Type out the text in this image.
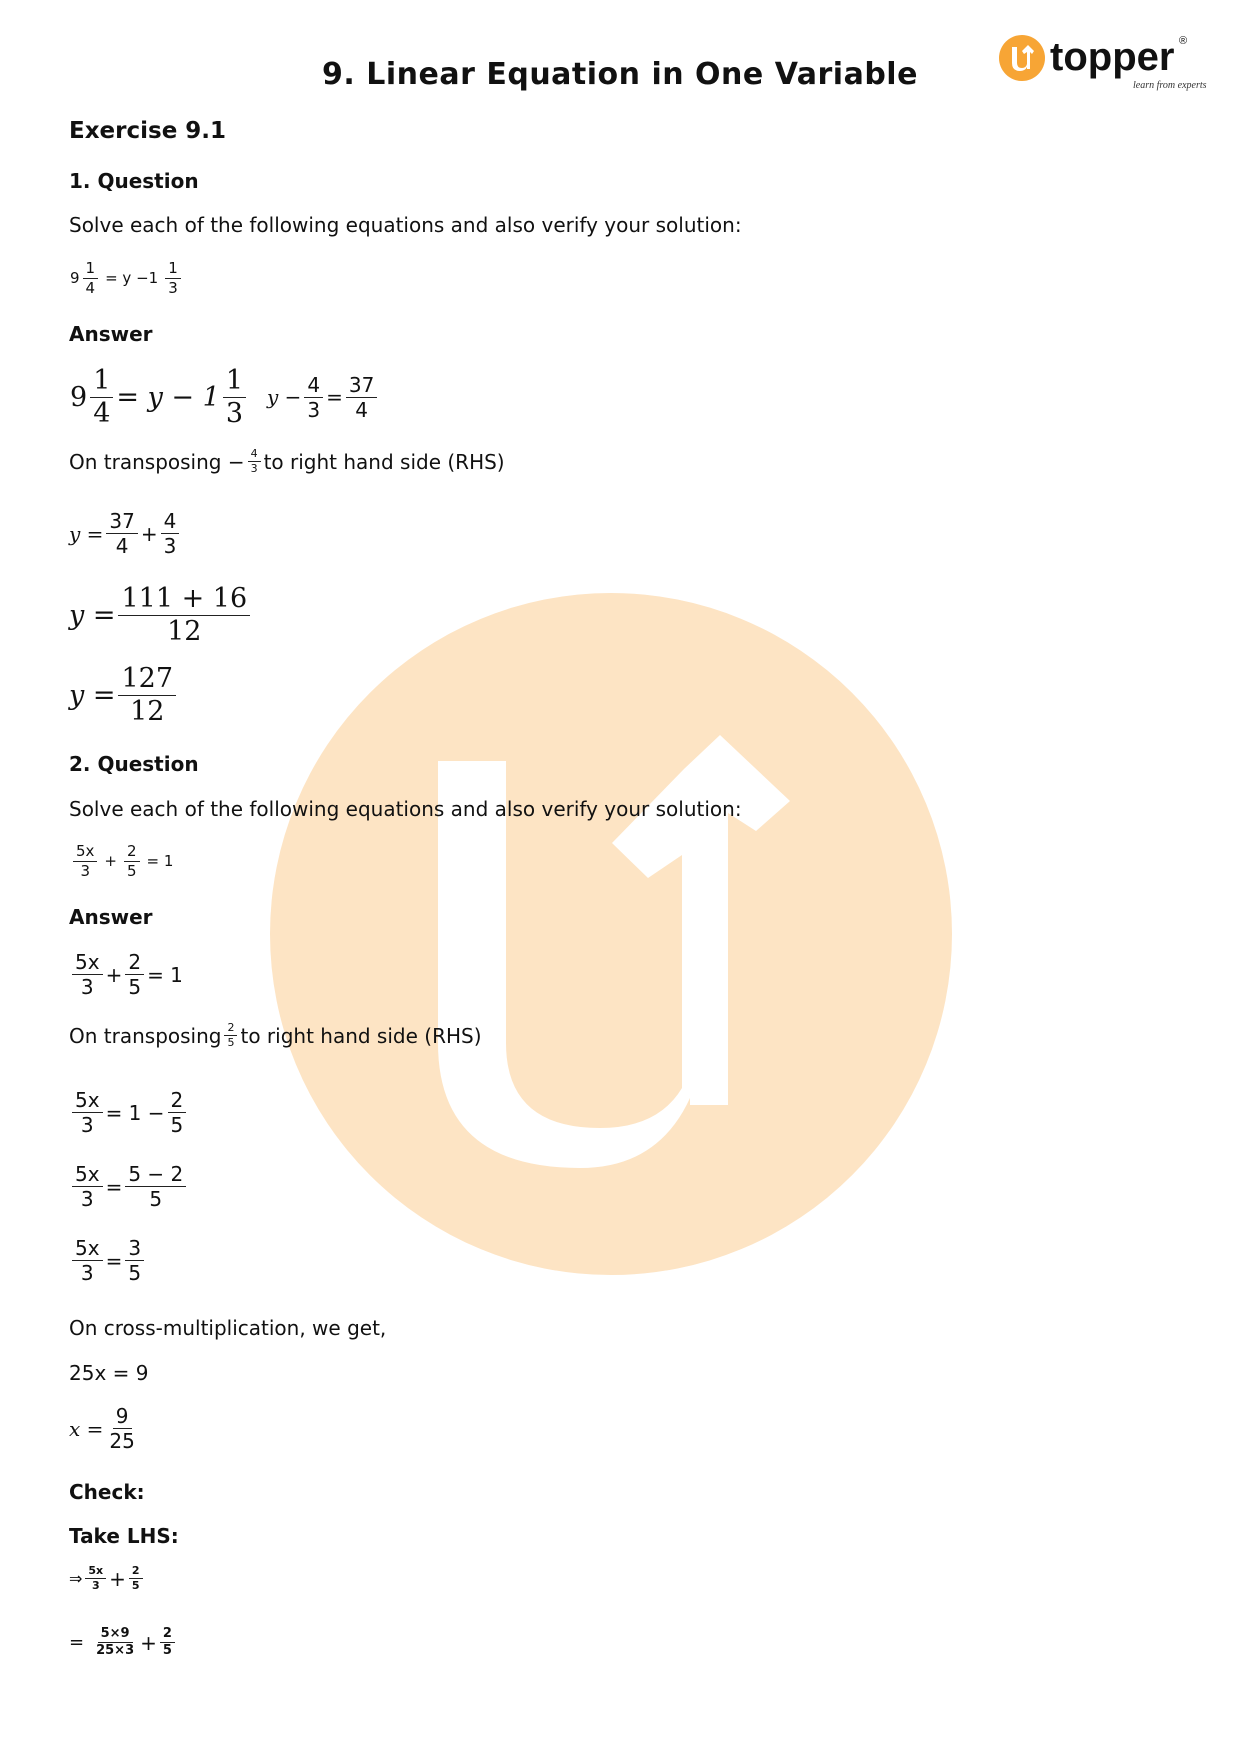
9. Linear Equation in One Variable	topper
learn from experts
®
Exercise 9.1
1. Question
Solve each of the following equations and also verify your solution:
$9 \frac{1}{4} = y -1 \frac{1}{3}$
Answer
$9 \frac{1}{4} = y - 1 \frac{1}{3}$ $y - \frac{4}{3} = \frac{37}{4}$
On transposing − $\frac{4}{3}$ to right hand side (RHS)
$y = \frac{37}{4} + \frac{4}{3}$
$y = \frac{111 + 16}{12}$
$y = \frac{127}{12}$
2. Question
Solve each of the following equations and also verify your solution:
$\frac{5x}{3} + \frac{2}{5} = 1$
Answer
$\frac{5x}{3} + \frac{2}{5} = 1$
On transposing $\frac{2}{5}$ to right hand side (RHS)
$\frac{5x}{3} = 1 - \frac{2}{5}$
$\frac{5x}{3} = \frac{5 - 2}{5}$
$\frac{5x}{3} = \frac{3}{5}$
On cross-multiplication, we get,
25x = 9
$x = \frac{9}{25}$
Check:
Take LHS:
⇒ $\frac{5x}{3} + \frac{2}{5}$
= $\frac{5\times 9}{25\times 3} + \frac{2}{5}$
